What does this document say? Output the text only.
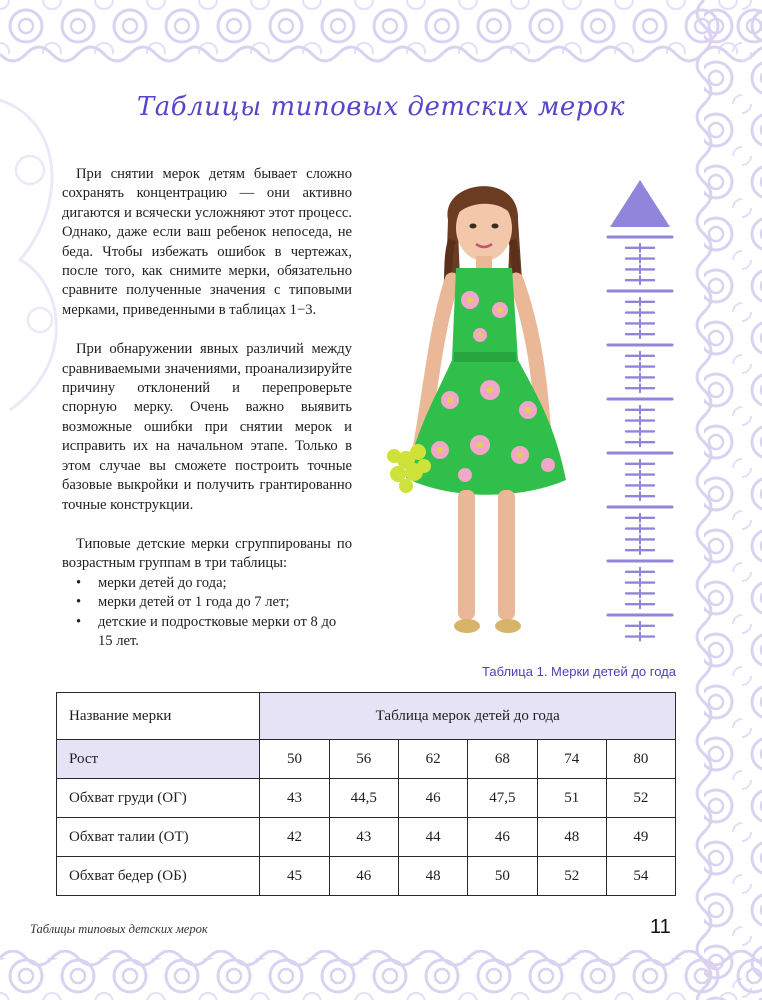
Таблицы типовых детских мерок

При снятии мерок детям бывает сложно сохранять концентрацию — они активно дигаются и всячески усложняют этот процесс. Однако, даже если ваш ребенок непоседа, не беда. Чтобы избежать ошибок в чертежах, после того, как снимите мерки, обязательно сравните полученные значения с типовыми мерками, приведенными в таблицах 1−3.

При обнаружении явных различий между сравниваемыми значениями, проанализируйте причину отклонений и перепроверьте спорную мерку. Очень важно выявить возможные ошибки при снятии мерок и исправить их на начальном этапе. Только в этом случае вы сможете построить точные базовые выкройки и получить грантированно точные конструкции.

Типовые детские мерки сгруппированы по возрастным группам в три таблицы:

• мерки детей до года;
• мерки детей от 1 года до 7 лет;
• детские и подростковые мерки от 8 до 15 лет.
Таблица 1. Мерки детей до года
Название мерки	Таблица мерок детей до года					
Рост	50	56	62	68	74	80
Обхват груди (ОГ)	43	44,5	46	47,5	51	52
Обхват талии (ОТ)	42	43	44	46	48	49
Обхват бедер (ОБ)	45	46	48	50	52	54
Таблицы типовых детских мерок	11
